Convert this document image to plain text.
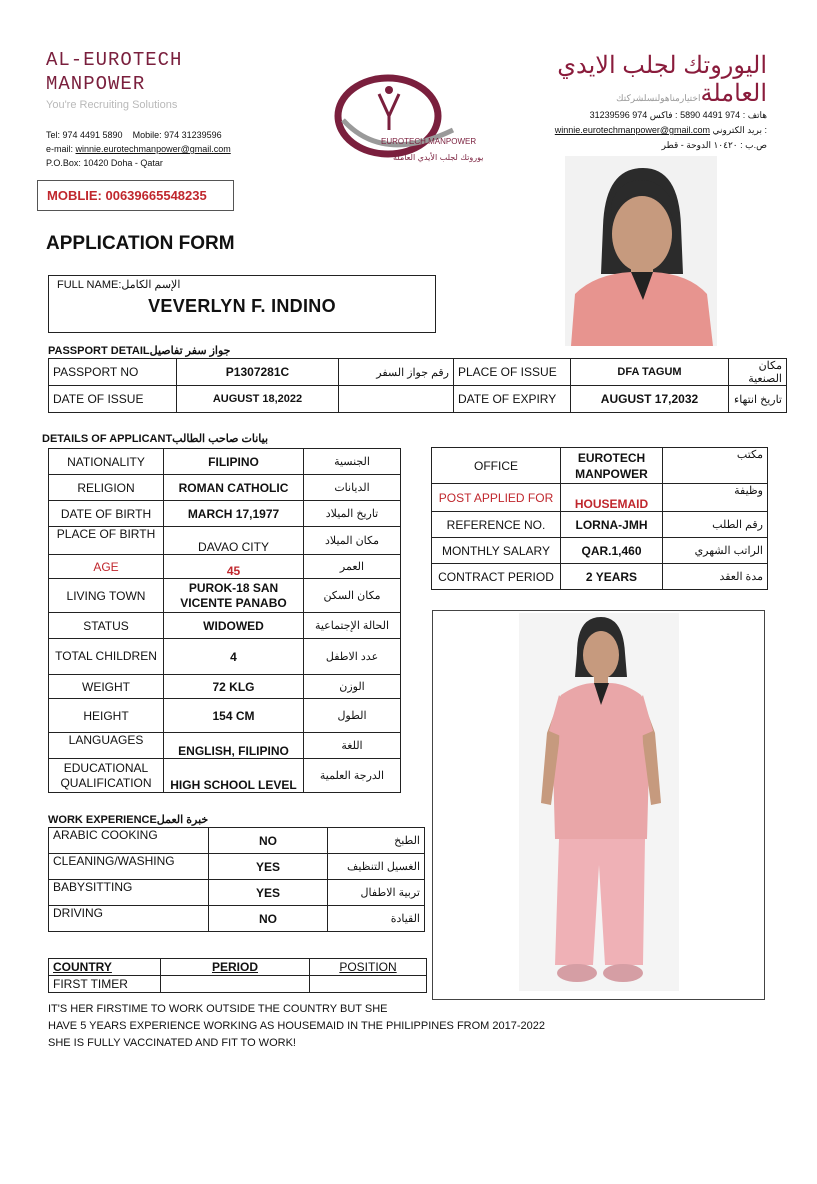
AL-EUROTECH
MANPOWER
You're Recruiting Solutions
Tel: 974 4491 5890 Mobile: 974 31239596
e-mail: winnie.eurotechmanpower@gmail.com
P.O.Box: 10420 Doha - Qatar
EUROTECH MANPOWER
يوروتك لجلب الأيدي العاملة
اليوروتك لجلب الايدي
العاملةاختيارمناهولنسلشركتك
هاتف : 974 4491 5890 : فاكس 974 31239596
winnie.eurotechmanpower@gmail.com بريد الكتروني :
ص.ب : ١٠٤٢٠ الدوحة - قطر
MOBLIE: 00639665548235
APPLICATION FORM
FULL NAME:الإسم الكامل
VEVERLYN F. INDINO
PASSPORT DETAILجواز سفر تفاصيل
PASSPORT NO	P1307281C	رقم جواز السفر	PLACE OF ISSUE	DFA TAGUM	مكان الصنعية
DATE OF ISSUE	AUGUST 18,2022		DATE OF EXPIRY	AUGUST 17,2032	تاريخ انتهاء
DETAILS OF APPLICANTبيانات صاحب الطالب
NATIONALITY	FILIPINO	الجنسية
RELIGION	ROMAN CATHOLIC	الديانات
DATE OF BIRTH	MARCH 17,1977	تاريخ الميلاد
PLACE OF BIRTH	DAVAO CITY	مكان الميلاد
AGE	45	العمر
LIVING TOWN	PUROK-18 SAN VICENTE PANABO	مكان السكن
STATUS	WIDOWED	الحالة الإجتماعية
TOTAL CHILDREN	4	عدد الاطفل
WEIGHT	72 KLG	الوزن
HEIGHT	154 CM	الطول
LANGUAGES	ENGLISH, FILIPINO	اللغة
EDUCATIONAL QUALIFICATION	HIGH SCHOOL LEVEL	الدرجة العلمية
OFFICE	EUROTECH MANPOWER	مكتب
POST APPLIED FOR	HOUSEMAID	وظيفة
REFERENCE NO.	LORNA-JMH	رقم الطلب
MONTHLY SALARY	QAR.1,460	الراتب الشهري
CONTRACT PERIOD	2 YEARS	مدة العقد
WORK EXPERIENCEخبرة العمل
ARABIC COOKING	NO	الطبخ
CLEANING/WASHING	YES	الغسيل التنظيف
BABYSITTING	YES	تربية الاطفال
DRIVING	NO	القيادة
COUNTRY	PERIOD	POSITION
FIRST TIMER		
IT'S HER FIRSTIME TO WORK OUTSIDE THE COUNTRY BUT SHE
HAVE 5 YEARS EXPERIENCE WORKING AS HOUSEMAID IN THE PHILIPPINES FROM 2017-2022
SHE IS FULLY VACCINATED AND FIT TO WORK!
